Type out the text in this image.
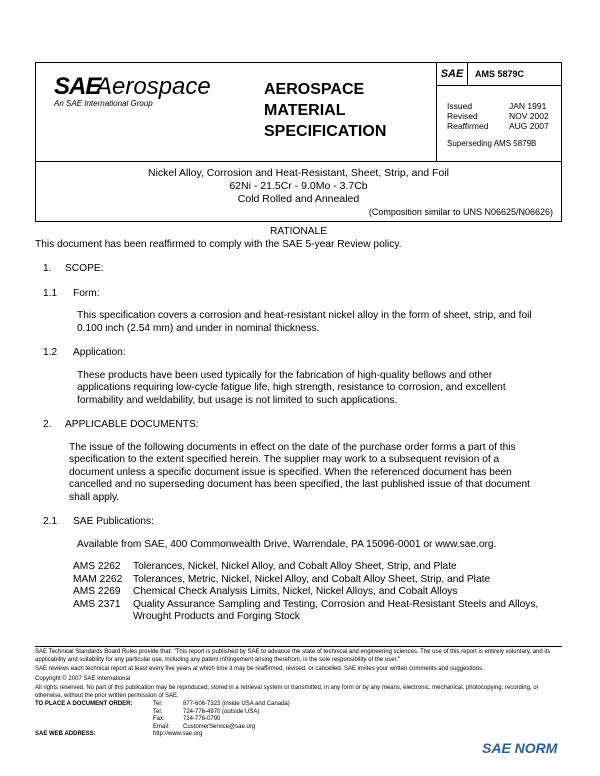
SAE
Aerospace
An SAE International Group
AEROSPACE MATERIAL SPECIFICATION
SAE	AMS 5879C
Issued	JAN 1991
Revised	NOV 2002
Reaffirmed	AUG 2007
Superseding AMS 5879B
Nickel Alloy, Corrosion and Heat-Resistant, Sheet, Strip, and Foil
62Ni - 21.5Cr - 9.0Mo - 3.7Cb
Cold Rolled and Annealed
(Composition similar to UNS N06625/N06626)
RATIONALE

This document has been reaffirmed to comply with the SAE 5-year Review policy.

1. SCOPE:
1.1 Form:

This specification covers a corrosion and heat-resistant nickel alloy in the form of sheet, strip, and foil 0.100 inch (2.54 mm) and under in nominal thickness.

1.2 Application:

These products have been used typically for the fabrication of high-quality bellows and other applications requiring low-cycle fatigue life, high strength, resistance to corrosion, and excellent formability and weldability, but usage is not limited to such applications.

2. APPLICABLE DOCUMENTS:

The issue of the following documents in effect on the date of the purchase order forms a part of this specification to the extent specified herein. The supplier may work to a subsequent revision of a document unless a specific document issue is specified. When the referenced document has been cancelled and no superseding document has been specified, the last published issue of that document shall apply.

2.1 SAE Publications:

Available from SAE, 400 Commonwealth Drive, Warrendale, PA 15096-0001 or www.sae.org.

AMS 2262	Tolerances, Nickel, Nickel Alloy, and Cobalt Alloy Sheet, Strip, and Plate
MAM 2262	Tolerances, Metric, Nickel, Nickel Alloy, and Cobalt Alloy Sheet, Strip, and Plate
AMS 2269	Chemical Check Analysis Limits, Nickel, Nickel Alloys, and Cobalt Alloys
AMS 2371	Quality Assurance Sampling and Testing, Corrosion and Heat-Resistant Steels and Alloys, Wrought Products and Forging Stock
SAE Technical Standards Board Rules provide that: "This report is published by SAE to advance the state of technical and engineering sciences. The use of this report is entirely voluntary, and its applicability and suitability for any particular use, including any patent infringement arising therefrom, is the sole responsibility of the user."
SAE reviews each technical report at least every five years at which time it may be reaffirmed, revised, or cancelled. SAE invites your written comments and suggestions.
Copyright © 2007 SAE International
All rights reserved. No part of this publication may be reproduced, stored in a retrieval system or transmitted, in any form or by any means, electronic, mechanical, photocopying, recording, or otherwise, without the prior written permission of SAE.
TO PLACE A DOCUMENT ORDER:	Tel:	877-606-7323 (inside USA and Canada)
Tel:	724-776-4970 (outside USA)
Fax:	724-776-0790
Email:	CustomerService@sae.org
SAE WEB ADDRESS:	http://www.sae.org
SAE NORM
